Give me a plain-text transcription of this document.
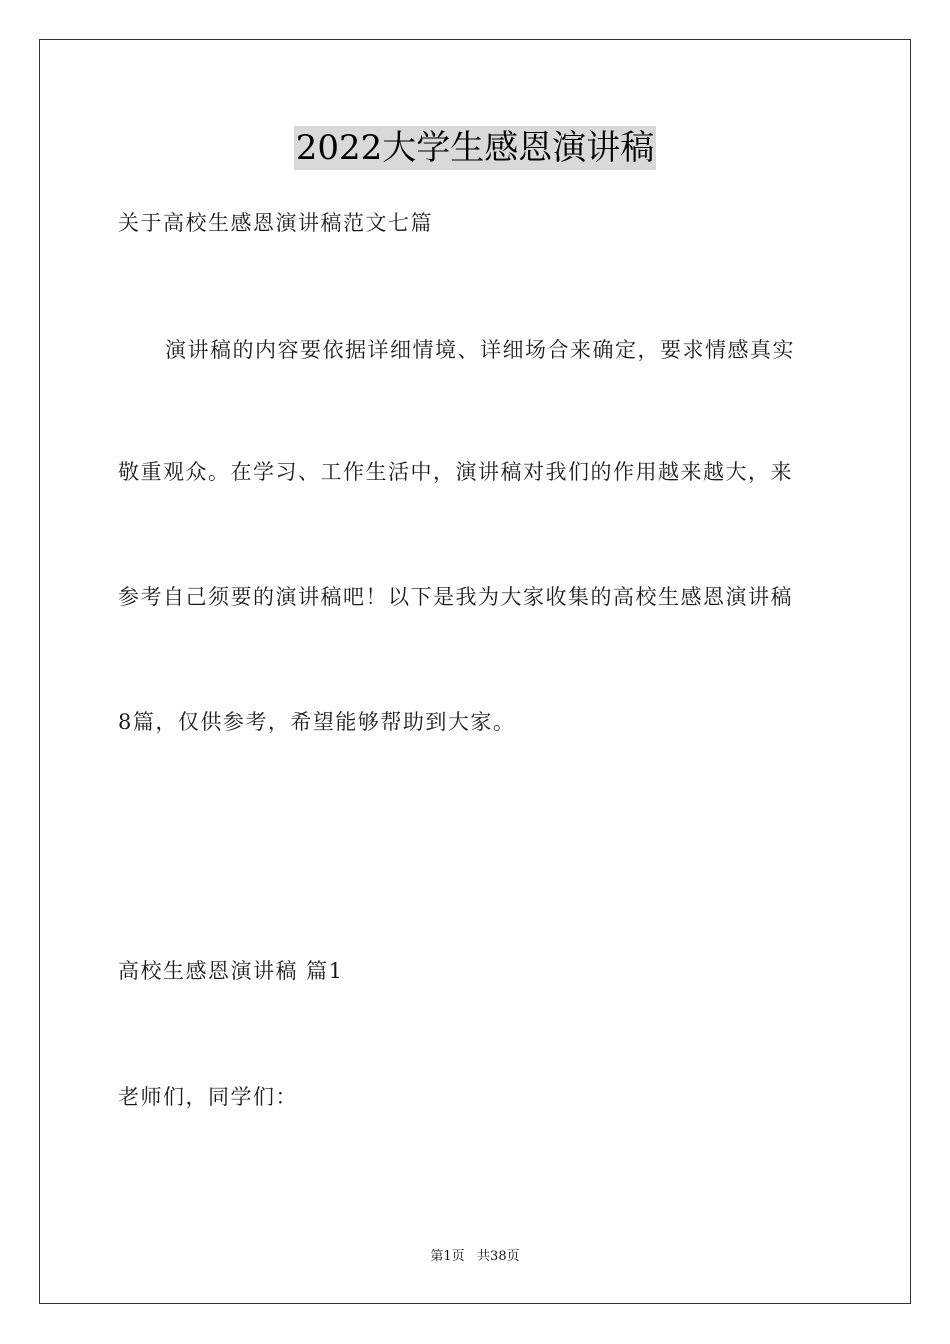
2022大学生感恩演讲稿
关于高校生感恩演讲稿范文七篇
演讲稿的内容要依据详细情境、详细场合来确定，要求情感真实
敬重观众。在学习、工作生活中，演讲稿对我们的作用越来越大，来
参考自己须要的演讲稿吧！以下是我为大家收集的高校生感恩演讲稿
8篇，仅供参考，希望能够帮助到大家。
高校生感恩演讲稿 篇1
老师们，同学们：
第1页   共38页
